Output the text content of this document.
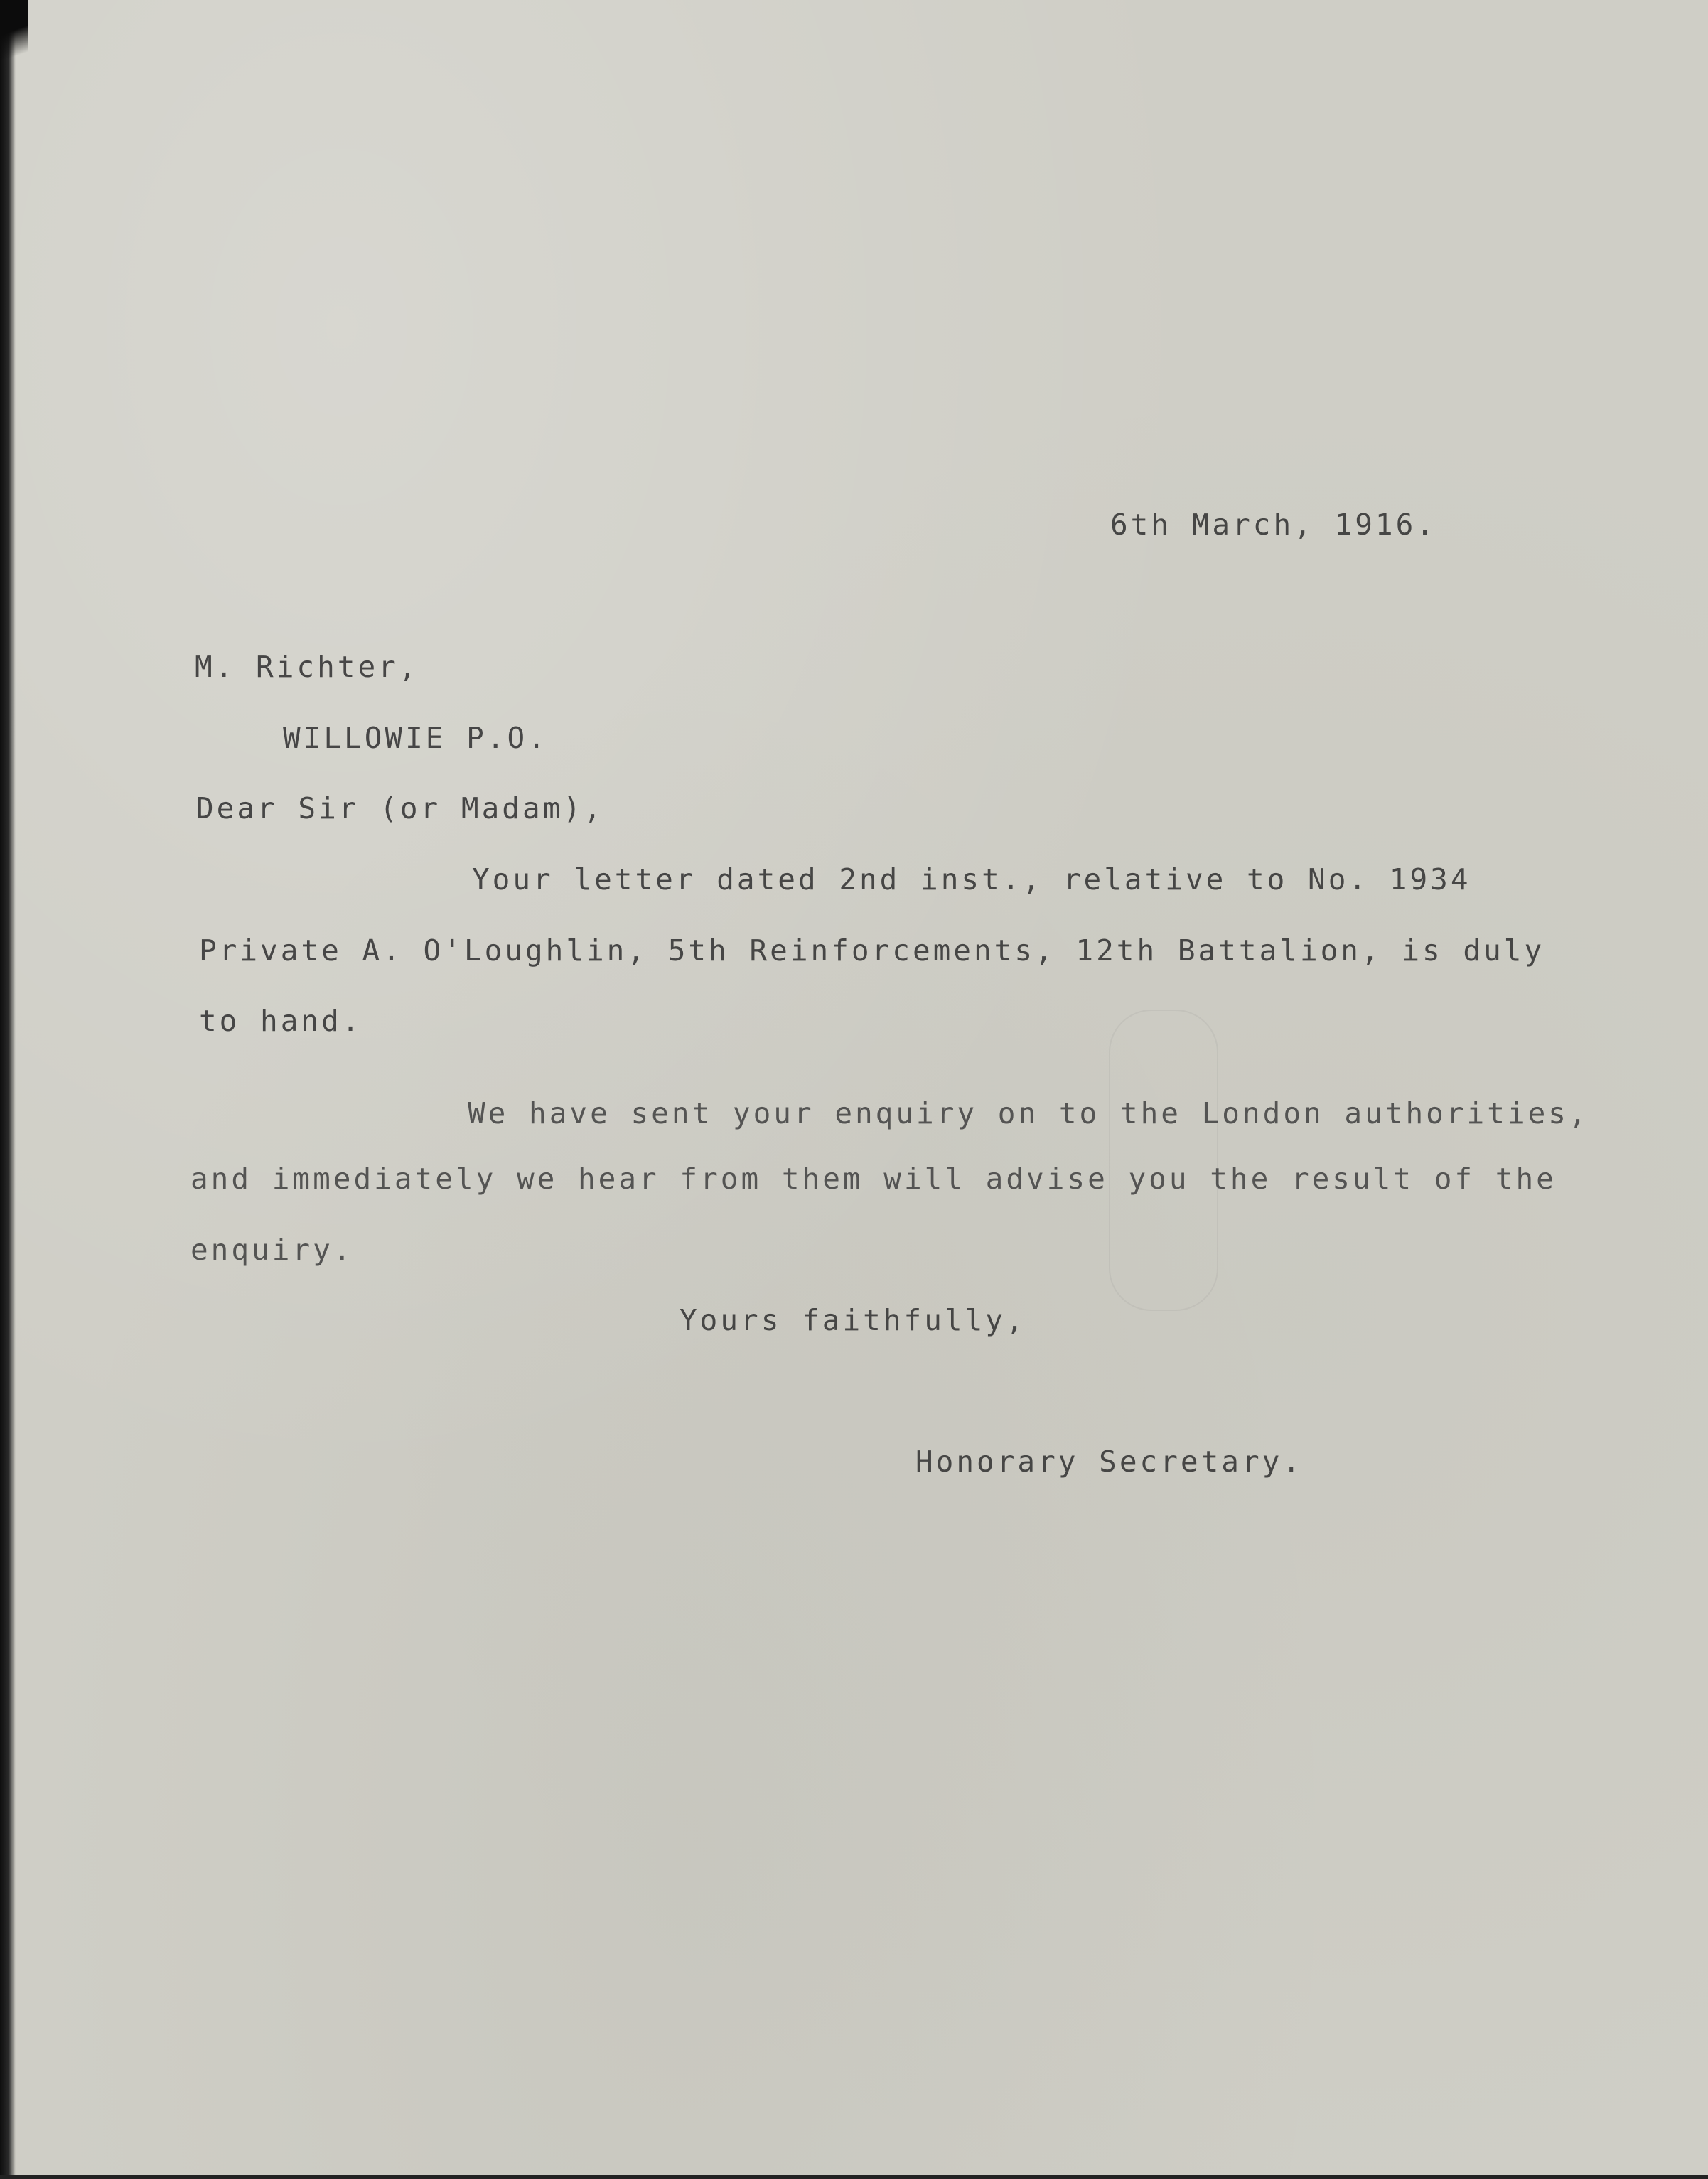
6th March, 1916.
M. Richter,
WILLOWIE P.O.
Dear Sir (or Madam),
Your letter dated 2nd inst., relative to No. 1934
Private A. O'Loughlin, 5th Reinforcements, 12th Battalion, is duly
to hand.
We have sent your enquiry on to the London authorities,
and immediately we hear from them will advise you the result of the
enquiry.
Yours faithfully,
Honorary Secretary.
